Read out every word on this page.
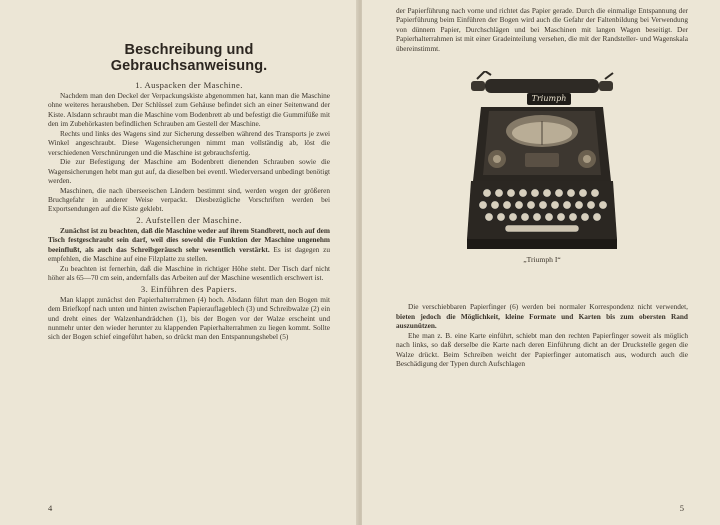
Beschreibung und Gebrauchsanweisung.
1. Auspacken der Maschine.

Nachdem man den Deckel der Verpackungskiste abgenommen hat, kann man die Maschine ohne weiteres herausheben. Der Schlüssel zum Gehäuse befindet sich an einer Seitenwand der Kiste. Alsdann schraubt man die Maschine vom Bodenbrett ab und befestigt die Gummifüße mit den im Zubehörkasten befindlichen Schrauben am Gestell der Maschine.

Rechts und links des Wagens sind zur Sicherung desselben während des Transports je zwei Winkel angeschraubt. Diese Wagensicherungen nimmt man vollständig ab, löst die verschiedenen Verschnürungen und die Maschine ist gebrauchsfertig.

Die zur Befestigung der Maschine am Bodenbrett dienenden Schrauben sowie die Wagensicherungen hebt man gut auf, da dieselben bei eventl. Wiederversand unbedingt benötigt werden.

Maschinen, die nach überseeischen Ländern bestimmt sind, werden wegen der größeren Bruchgefahr in anderer Weise verpackt. Diesbezügliche Vorschriften werden bei Exportsendungen auf die Kiste geklebt.

2. Aufstellen der Maschine.

Zunächst ist zu beachten, daß die Maschine weder auf ihrem Standbrett, noch auf dem Tisch festgeschraubt sein darf, weil dies sowohl die Funktion der Maschine ungenehm beeinflußt, als auch das Schreibgeräusch sehr wesentlich verstärkt. Es ist dagegen zu empfehlen, die Maschine auf eine Filzplatte zu stellen.

Zu beachten ist fernerhin, daß die Maschine in richtiger Höhe steht. Der Tisch darf nicht höher als 65—70 cm sein, andernfalls das Arbeiten auf der Maschine wesentlich erschwert ist.

3. Einführen des Papiers.

Man klappt zunächst den Papierhalterrahmen (4) hoch. Alsdann führt man den Bogen mit dem Briefkopf nach unten und hinten zwischen Papierauflageblech (3) und Schreibwalze (2) ein und dreht eines der Walzenhandrädchen (1), bis der Bogen vor der Walze erscheint und nunmehr unter den wieder herunter zu klappenden Papierhalterrahmen zu liegen kommt. Sollte sich der Bogen schief eingeführt haben, so drückt man den Entspannungshebel (5)

4

der Papierführung nach vorne und richtet das Papier gerade. Durch die einmalige Entspannung der Papierführung beim Einführen der Bogen wird auch die Gefahr der Faltenbildung bei Verwendung von dünnem Papier, Durchschlägen und bei Maschinen mit langen Wagen beseitigt. Der Papierhalterrahmen ist mit einer Gradeinteilung versehen, die mit der Randsteller- und Wagenskala übereinstimmt.

Triumph
„Triumph I“

Die verschiebbaren Papierfinger (6) werden bei normaler Korrespondenz nicht verwendet, bieten jedoch die Möglichkeit, kleine Formate und Karten bis zum obersten Rand auszunützen.

Ehe man z. B. eine Karte einführt, schiebt man den rechten Papierfinger soweit als möglich nach links, so daß derselbe die Karte nach deren Einführung dicht an der Druckstelle gegen die Walze drückt. Beim Schreiben weicht der Papierfinger automatisch aus, wodurch auch die Beschädigung der Typen durch Aufschlagen

5
